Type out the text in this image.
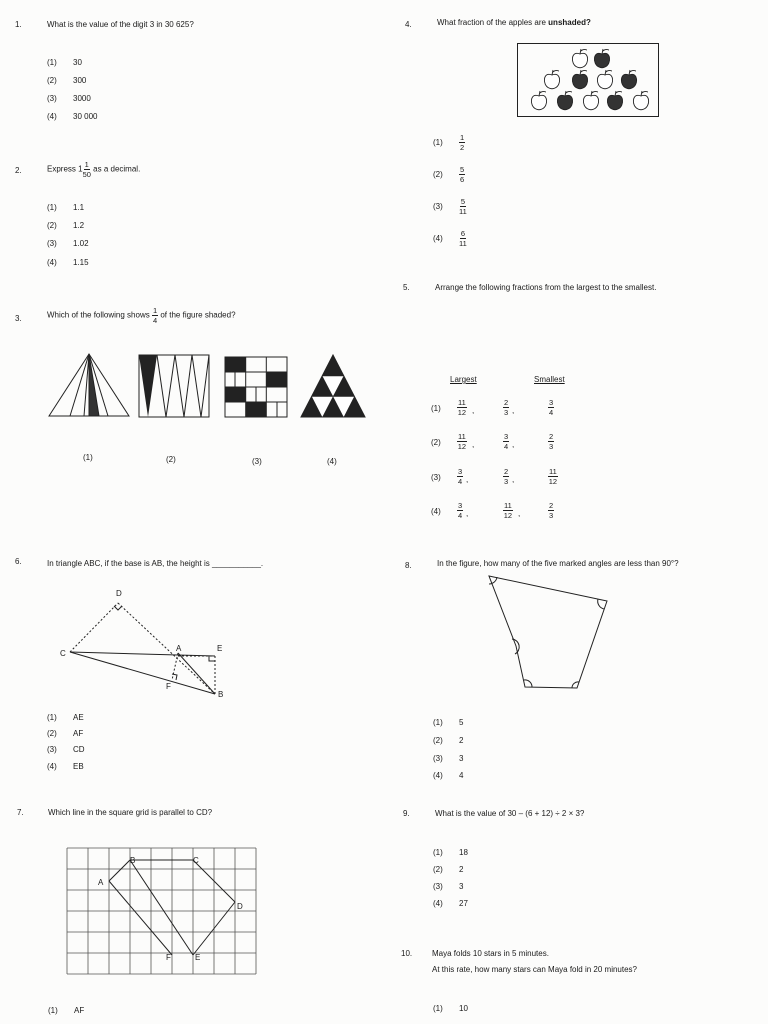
1.	What is the value of the digit 3 in 30 625?
(1) 30
(2) 300
(3) 3000
(4) 30 000
2.	Express $1 \frac{1}{50}$ as a decimal.
(1) 1.1
(2) 1.2
(3) 1.02
(4) 1.15
3.	Which of the following shows $\frac{1}{4}$ of the figure shaded?
(1)	(2)	(3)	(4)
6.	In triangle ABC, if the base is AB, the height is ___________.
D
C
A	E
F
B
(1) AE
(2) AF
(3) CD
(4) EB
7.	Which line in the square grid is parallel to CD?
B	C
A
D
F	E
(1) AF
4.	What fraction of the apples are unshaded?
$(1) \frac{1}{2}$
$(2) \frac{5}{6}$
$(3) \frac{5}{11}$
$(4) \frac{6}{11}$
5.	Arrange the following fractions from the largest to the smallest.
Largest	Smallest
$(1) \frac{11}{12}$ ,	$\frac{2}{3}$ ,	$\frac{3}{4}$
$(2) \frac{11}{12}$ ,	$\frac{3}{4}$ ,	$\frac{2}{3}$
$(3) \frac{3}{4}$ ,	$\frac{2}{3}$ ,	$\frac{11}{12}$
$(4) \frac{3}{4}$ ,	$\frac{11}{12}$ ,	$\frac{2}{3}$
8.	In the figure, how many of the five marked angles are less than 90°?
(1) 5
(2) 2
(3) 3
(4) 4
9.	What is the value of 30 – (6 + 12) ÷ 2 × 3?
(1) 18
(2) 2
(3) 3
(4) 27
10. Maya folds 10 stars in 5 minutes.
At this rate, how many stars can Maya fold in 20 minutes?
(1) 10
